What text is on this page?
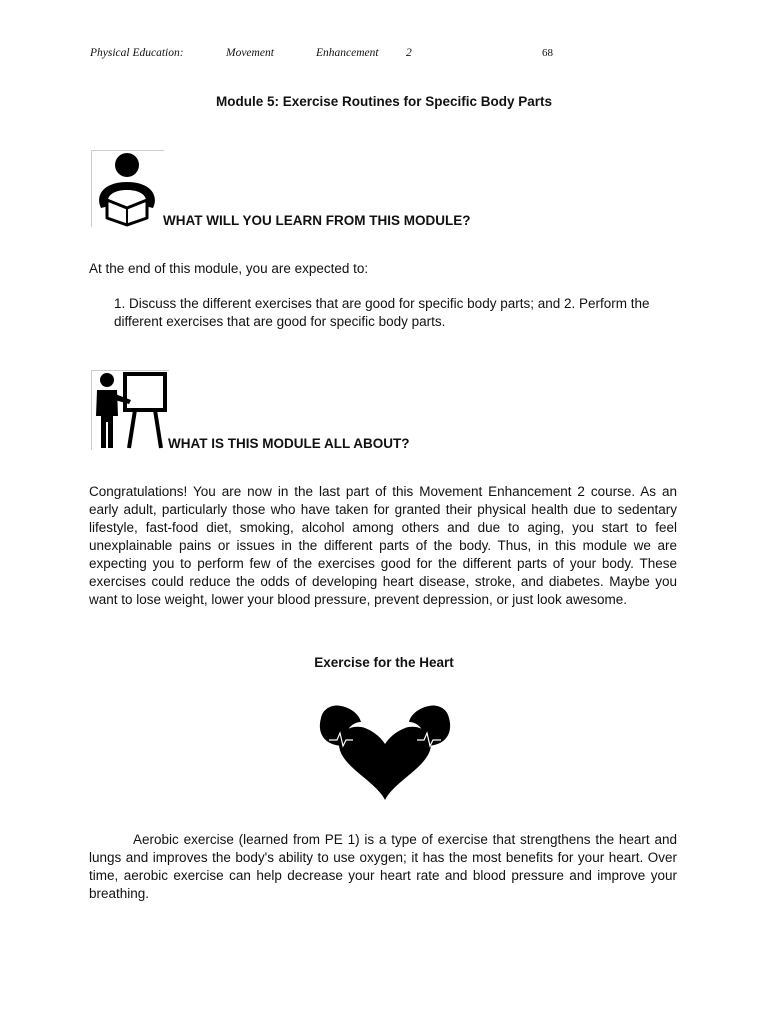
Physical Education:	Movement	Enhancement 2	68
Module 5: Exercise Routines for Specific Body Parts
WHAT WILL YOU LEARN FROM THIS MODULE?
At the end of this module, you are expected to:
1. Discuss the different exercises that are good for specific body parts; and 2. Perform the different exercises that are good for specific body parts.
WHAT IS THIS MODULE ALL ABOUT?
Congratulations! You are now in the last part of this Movement Enhancement 2 course. As an early adult, particularly those who have taken for granted their physical health due to sedentary lifestyle, fast-food diet, smoking, alcohol among others and due to aging, you start to feel unexplainable pains or issues in the different parts of the body. Thus, in this module we are expecting you to perform few of the exercises good for the different parts of your body. These exercises could reduce the odds of developing heart disease, stroke, and diabetes. Maybe you want to lose weight, lower your blood pressure, prevent depression, or just look awesome.
Exercise for the Heart
Aerobic exercise (learned from PE 1) is a type of exercise that strengthens the heart and lungs and improves the body's ability to use oxygen; it has the most benefits for your heart. Over time, aerobic exercise can help decrease your heart rate and blood pressure and improve your breathing.
